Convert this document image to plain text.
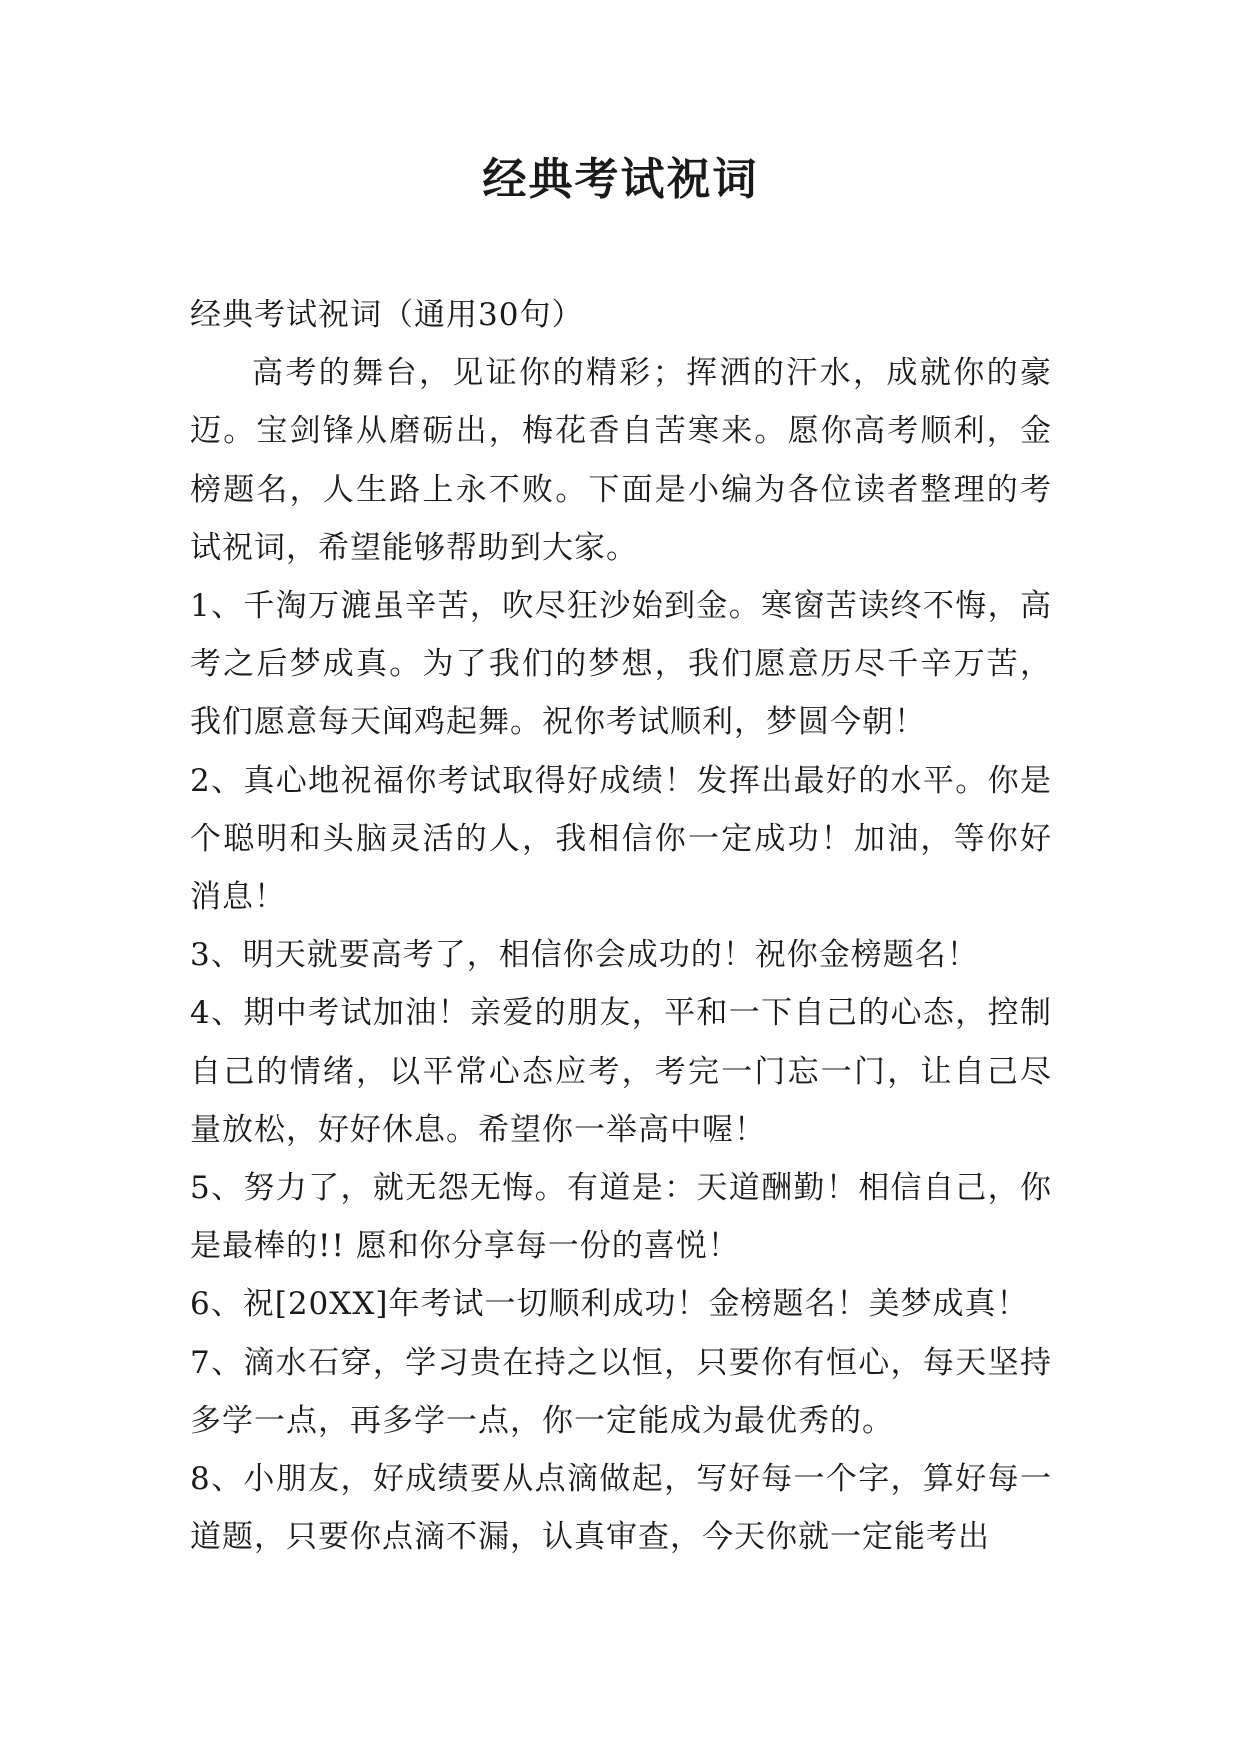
经典考试祝词

经典考试祝词（通用30句）

高考的舞台，见证你的精彩；挥洒的汗水，成就你的豪迈。宝剑锋从磨砺出，梅花香自苦寒来。愿你高考顺利，金榜题名，人生路上永不败。下面是小编为各位读者整理的考试祝词，希望能够帮助到大家。

1、千淘万漉虽辛苦，吹尽狂沙始到金。寒窗苦读终不悔，高考之后梦成真。为了我们的梦想，我们愿意历尽千辛万苦，我们愿意每天闻鸡起舞。祝你考试顺利，梦圆今朝！

2、真心地祝福你考试取得好成绩！发挥出最好的水平。你是个聪明和头脑灵活的人，我相信你一定成功！加油，等你好消息！

3、明天就要高考了，相信你会成功的！祝你金榜题名！

4、期中考试加油！亲爱的朋友，平和一下自己的心态，控制自己的情绪，以平常心态应考，考完一门忘一门，让自己尽量放松，好好休息。希望你一举高中喔！

5、努力了，就无怨无悔。有道是：天道酬勤！相信自己，你是最棒的!! 愿和你分享每一份的喜悦！

6、祝[20XX]年考试一切顺利成功！金榜题名！美梦成真！

7、滴水石穿，学习贵在持之以恒，只要你有恒心，每天坚持多学一点，再多学一点，你一定能成为最优秀的。

8、小朋友，好成绩要从点滴做起，写好每一个字，算好每一道题，只要你点滴不漏，认真审查，今天你就一定能考出
